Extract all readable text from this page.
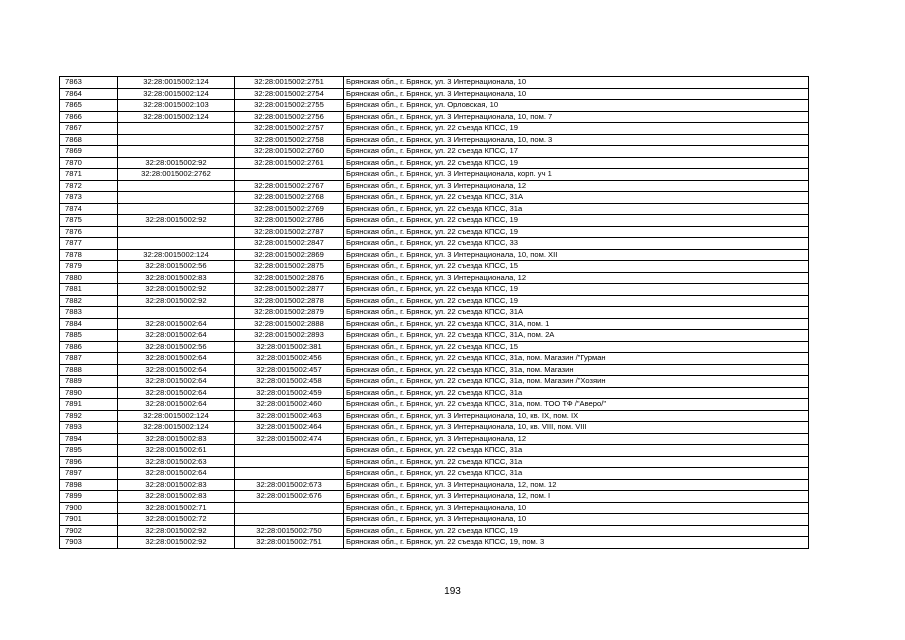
7863	32:28:0015002:124	32:28:0015002:2751	Брянская обл., г. Брянск, ул. 3 Интернационала, 10
7864	32:28:0015002:124	32:28:0015002:2754	Брянская обл., г. Брянск, ул. 3 Интернационала, 10
7865	32:28:0015002:103	32:28:0015002:2755	Брянская обл., г. Брянск, ул. Орловская, 10
7866	32:28:0015002:124	32:28:0015002:2756	Брянская обл., г. Брянск, ул. 3 Интернационала, 10, пом. 7
7867		32:28:0015002:2757	Брянская обл., г. Брянск, ул. 22 съезда КПСС, 19
7868		32:28:0015002:2758	Брянская обл., г. Брянск, ул. 3 Интернационала, 10, пом. 3
7869		32:28:0015002:2760	Брянская обл., г. Брянск, ул. 22 съезда КПСС, 17
7870	32:28:0015002:92	32:28:0015002:2761	Брянская обл., г. Брянск, ул. 22 съезда КПСС, 19
7871	32:28:0015002:2762		Брянская обл., г. Брянск, ул. 3 Интернационала, корп. уч 1
7872		32:28:0015002:2767	Брянская обл., г. Брянск, ул. 3 Интернационала, 12
7873		32:28:0015002:2768	Брянская обл., г. Брянск, ул. 22 съезда КПСС, 31А
7874		32:28:0015002:2769	Брянская обл., г. Брянск, ул. 22 съезда КПСС, 31а
7875	32:28:0015002:92	32:28:0015002:2786	Брянская обл., г. Брянск, ул. 22 съезда КПСС, 19
7876		32:28:0015002:2787	Брянская обл., г. Брянск, ул. 22 съезда КПСС, 19
7877		32:28:0015002:2847	Брянская обл., г. Брянск, ул. 22 съезда КПСС, 33
7878	32:28:0015002:124	32:28:0015002:2869	Брянская обл., г. Брянск, ул. 3 Интернационала, 10, пом. XII
7879	32:28:0015002:56	32:28:0015002:2875	Брянская обл., г. Брянск, ул. 22 съезда КПСС, 15
7880	32:28:0015002:83	32:28:0015002:2876	Брянская обл., г. Брянск, ул. 3 Интернационала, 12
7881	32:28:0015002:92	32:28:0015002:2877	Брянская обл., г. Брянск, ул. 22 съезда КПСС, 19
7882	32:28:0015002:92	32:28:0015002:2878	Брянская обл., г. Брянск, ул. 22 съезда КПСС, 19
7883		32:28:0015002:2879	Брянская обл., г. Брянск, ул. 22 съезда КПСС, 31А
7884	32:28:0015002:64	32:28:0015002:2888	Брянская обл., г. Брянск, ул. 22 съезда КПСС, 31А, пом. 1
7885	32:28:0015002:64	32:28:0015002:2893	Брянская обл., г. Брянск, ул. 22 съезда КПСС, 31А, пом. 2А
7886	32:28:0015002:56	32:28:0015002:381	Брянская обл., г. Брянск, ул. 22 съезда КПСС, 15
7887	32:28:0015002:64	32:28:0015002:456	Брянская обл., г. Брянск, ул. 22 съезда КПСС, 31а, пом. Магазин /"Гурман
7888	32:28:0015002:64	32:28:0015002:457	Брянская обл., г. Брянск, ул. 22 съезда КПСС, 31а, пом. Магазин
7889	32:28:0015002:64	32:28:0015002:458	Брянская обл., г. Брянск, ул. 22 съезда КПСС, 31а, пом. Магазин /"Хозяин
7890	32:28:0015002:64	32:28:0015002:459	Брянская обл., г. Брянск, ул. 22 съезда КПСС, 31а
7891	32:28:0015002:64	32:28:0015002:460	Брянская обл., г. Брянск, ул. 22 съезда КПСС, 31а, пом. ТОО ТФ /"Аверо/"
7892	32:28:0015002:124	32:28:0015002:463	Брянская обл., г. Брянск, ул. 3 Интернационала, 10, кв. IX, пом. IX
7893	32:28:0015002:124	32:28:0015002:464	Брянская обл., г. Брянск, ул. 3 Интернационала, 10, кв. VIII, пом. VIII
7894	32:28:0015002:83	32:28:0015002:474	Брянская обл., г. Брянск, ул. 3 Интернационала, 12
7895	32:28:0015002:61		Брянская обл., г. Брянск, ул. 22 съезда КПСС, 31а
7896	32:28:0015002:63		Брянская обл., г. Брянск, ул. 22 съезда КПСС, 31а
7897	32:28:0015002:64		Брянская обл., г. Брянск, ул. 22 съезда КПСС, 31а
7898	32:28:0015002:83	32:28:0015002:673	Брянская обл., г. Брянск, ул. 3 Интернационала, 12, пом. 12
7899	32:28:0015002:83	32:28:0015002:676	Брянская обл., г. Брянск, ул. 3 Интернационала, 12, пом. I
7900	32:28:0015002:71		Брянская обл., г. Брянск, ул. 3 Интернационала, 10
7901	32:28:0015002:72		Брянская обл., г. Брянск, ул. 3 Интернационала, 10
7902	32:28:0015002:92	32:28:0015002:750	Брянская обл., г. Брянск, ул. 22 съезда КПСС, 19
7903	32:28:0015002:92	32:28:0015002:751	Брянская обл., г. Брянск, ул. 22 съезда КПСС, 19, пом. 3
193
